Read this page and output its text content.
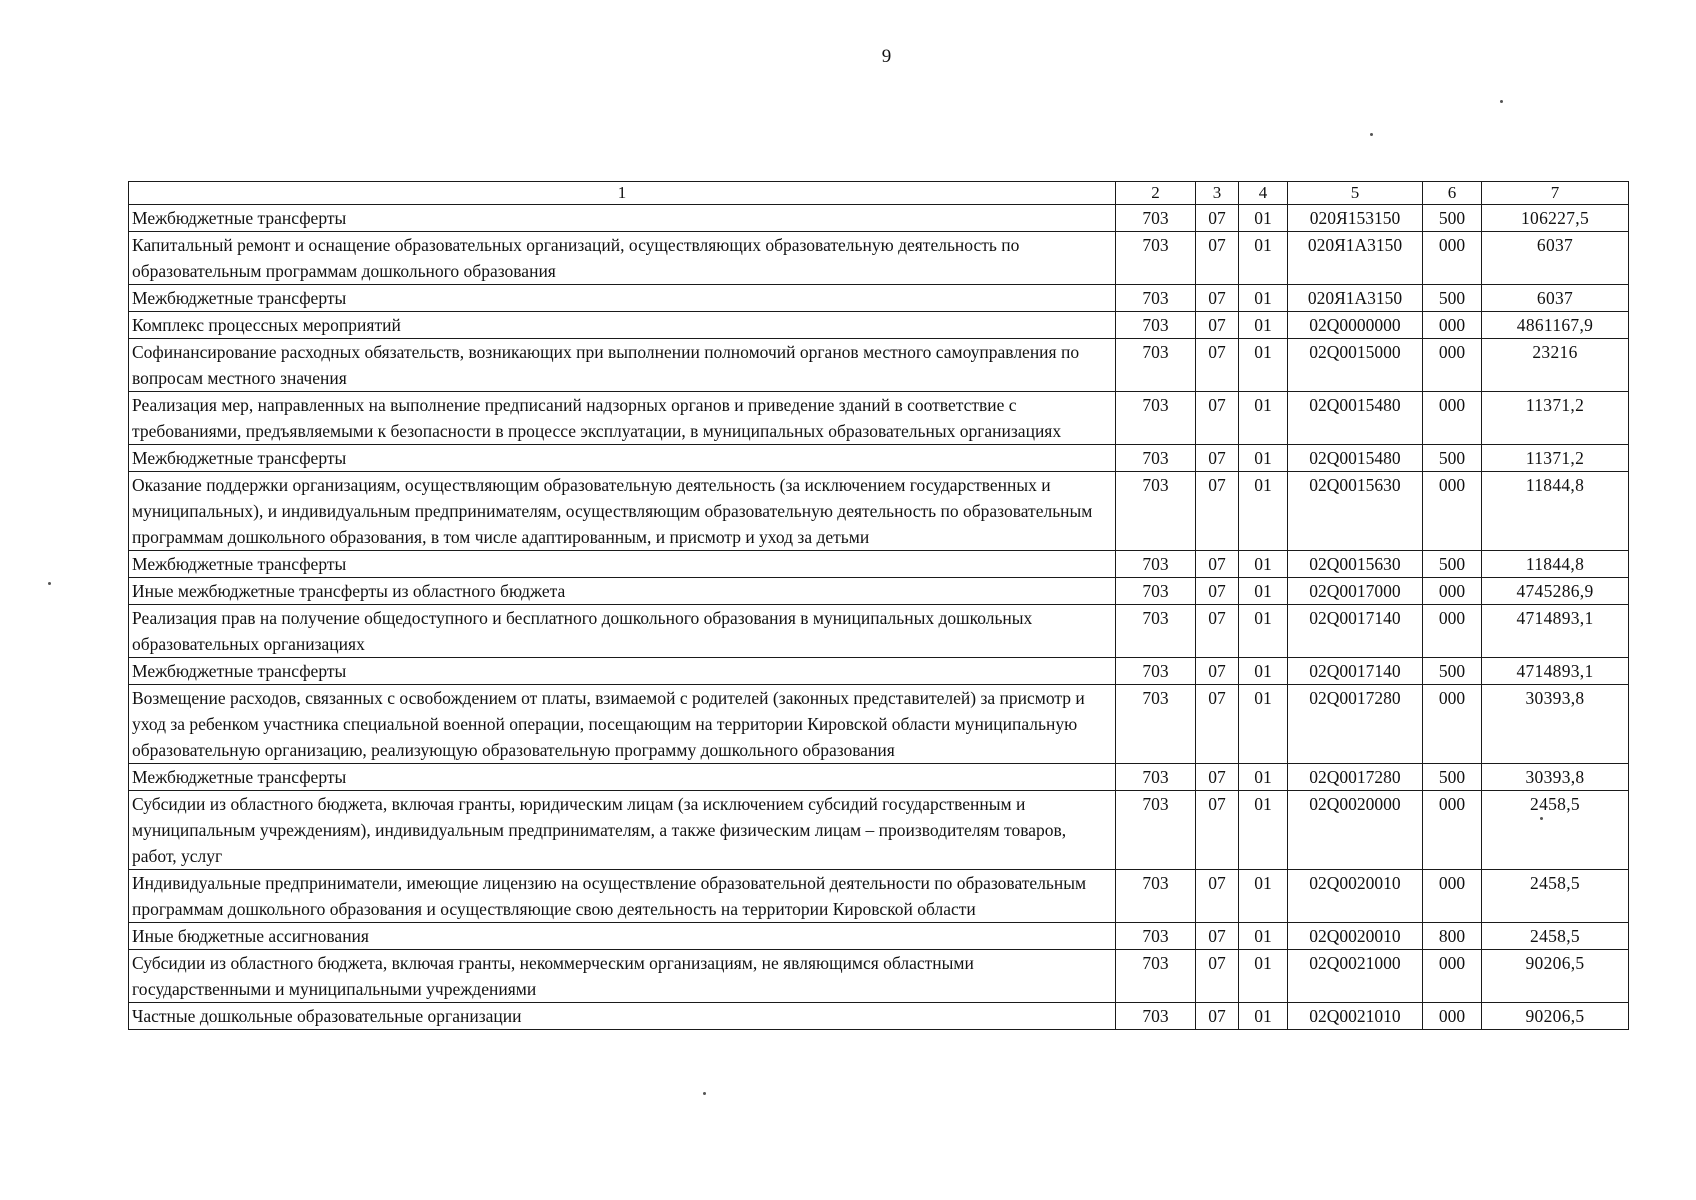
9
1	2	3	4	5	6	7
Межбюджетные трансферты	703	07	01	020Я153150	500	106227,5
Капитальный ремонт и оснащение образовательных организаций, осуществляющих образовательную деятельность по образовательным программам дошкольного образования	703	07	01	020Я1А3150	000	6037
Межбюджетные трансферты	703	07	01	020Я1А3150	500	6037
Комплекс процессных мероприятий	703	07	01	02Q0000000	000	4861167,9
Софинансирование расходных обязательств, возникающих при выполнении полномочий органов местного самоуправления по вопросам местного значения	703	07	01	02Q0015000	000	23216
Реализация мер, направленных на выполнение предписаний надзорных органов и приведение зданий в соответствие с требованиями, предъявляемыми к безопасности в процессе эксплуатации, в муниципальных образовательных организациях	703	07	01	02Q0015480	000	11371,2
Межбюджетные трансферты	703	07	01	02Q0015480	500	11371,2
Оказание поддержки организациям, осуществляющим образовательную деятельность (за исключением государственных и муниципальных), и индивидуальным предпринимателям, осуществляющим образовательную деятельность по образовательным программам дошкольного образования, в том числе адаптированным, и присмотр и уход за детьми	703	07	01	02Q0015630	000	11844,8
Межбюджетные трансферты	703	07	01	02Q0015630	500	11844,8
Иные межбюджетные трансферты из областного бюджета	703	07	01	02Q0017000	000	4745286,9
Реализация прав на получение общедоступного и бесплатного дошкольного образования в муниципальных дошкольных образовательных организациях	703	07	01	02Q0017140	000	4714893,1
Межбюджетные трансферты	703	07	01	02Q0017140	500	4714893,1
Возмещение расходов, связанных с освобождением от платы, взимаемой с родителей (законных представителей) за присмотр и уход за ребенком участника специальной военной операции, посещающим на территории Кировской области муниципальную образовательную организацию, реализующую образовательную программу дошкольного образования	703	07	01	02Q0017280	000	30393,8
Межбюджетные трансферты	703	07	01	02Q0017280	500	30393,8
Субсидии из областного бюджета, включая гранты, юридическим лицам (за исключением субсидий государственным и муниципальным учреждениям), индивидуальным предпринимателям, а также физическим лицам – производителям товаров, работ, услуг	703	07	01	02Q0020000	000	2458,5
Индивидуальные предприниматели, имеющие лицензию на осуществление образовательной деятельности по образовательным программам дошкольного образования и осуществляющие свою деятельность на территории Кировской области	703	07	01	02Q0020010	000	2458,5
Иные бюджетные ассигнования	703	07	01	02Q0020010	800	2458,5
Субсидии из областного бюджета, включая гранты, некоммерческим организациям, не являющимся областными государственными и муниципальными учреждениями	703	07	01	02Q0021000	000	90206,5
Частные дошкольные образовательные организации	703	07	01	02Q0021010	000	90206,5
